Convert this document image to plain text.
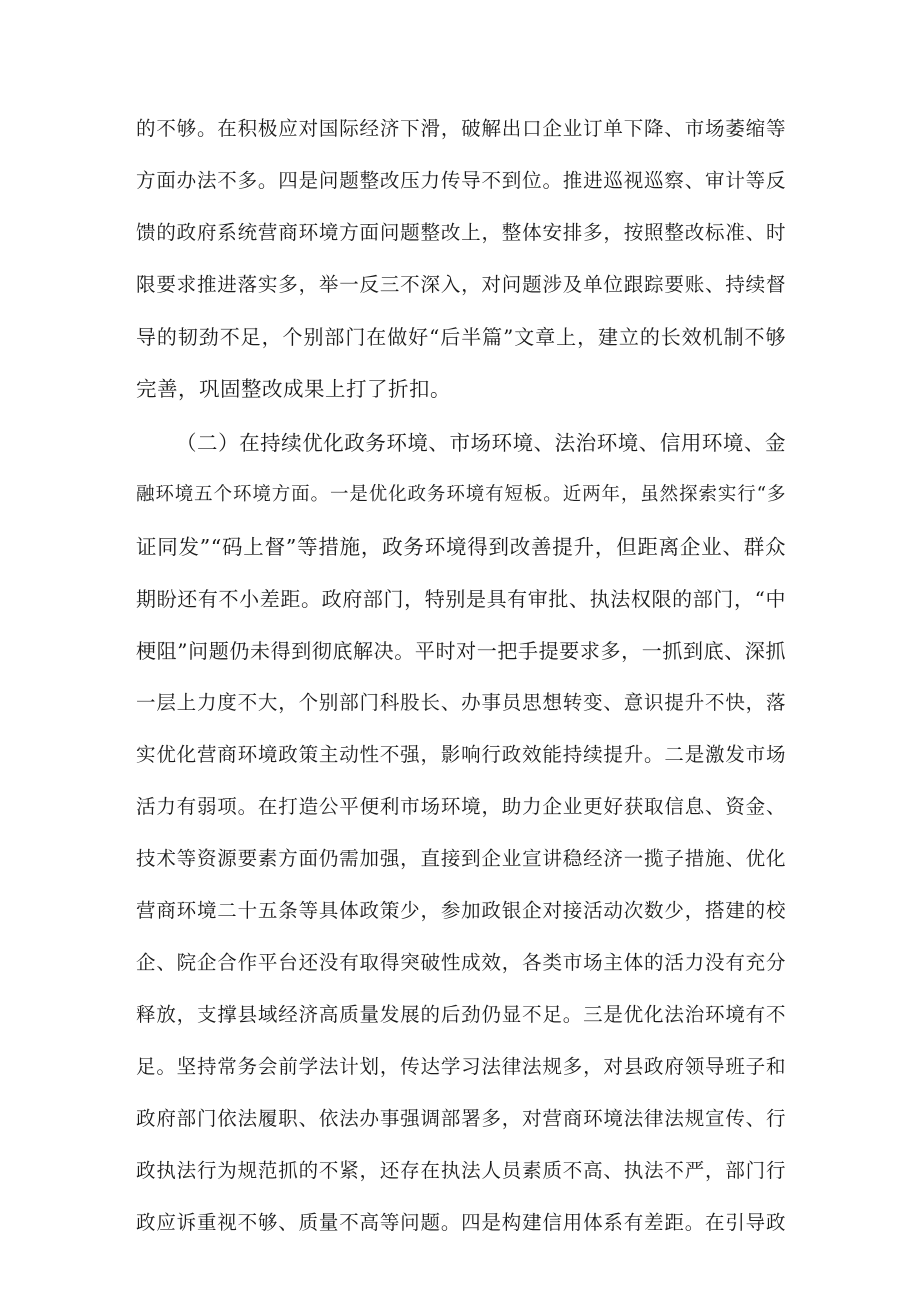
的不够。在积极应对国际经济下滑，破解出口企业订单下降、市场萎缩等
方面办法不多。四是问题整改压力传导不到位。推进巡视巡察、审计等反
馈的政府系统营商环境方面问题整改上，整体安排多，按照整改标准、时
限要求推进落实多，举一反三不深入，对问题涉及单位跟踪要账、持续督
导的韧劲不足，个别部门在做好“后半篇”文章上，建立的长效机制不够
完善，巩固整改成果上打了折扣。
（二）在持续优化政务环境、市场环境、法治环境、信用环境、金
融环境五个环境方面。一是优化政务环境有短板。近两年，虽然探索实行“多
证同发”“码上督”等措施，政务环境得到改善提升，但距离企业、群众
期盼还有不小差距。政府部门，特别是具有审批、执法权限的部门，“中
梗阻”问题仍未得到彻底解决。平时对一把手提要求多，一抓到底、深抓
一层上力度不大，个别部门科股长、办事员思想转变、意识提升不快，落
实优化营商环境政策主动性不强，影响行政效能持续提升。二是激发市场
活力有弱项。在打造公平便利市场环境，助力企业更好获取信息、资金、
技术等资源要素方面仍需加强，直接到企业宣讲稳经济一揽子措施、优化
营商环境二十五条等具体政策少，参加政银企对接活动次数少，搭建的校
企、院企合作平台还没有取得突破性成效，各类市场主体的活力没有充分
释放，支撑县域经济高质量发展的后劲仍显不足。三是优化法治环境有不
足。坚持常务会前学法计划，传达学习法律法规多，对县政府领导班子和
政府部门依法履职、依法办事强调部署多，对营商环境法律法规宣传、行
政执法行为规范抓的不紧，还存在执法人员素质不高、执法不严，部门行
政应诉重视不够、质量不高等问题。四是构建信用体系有差距。在引导政
